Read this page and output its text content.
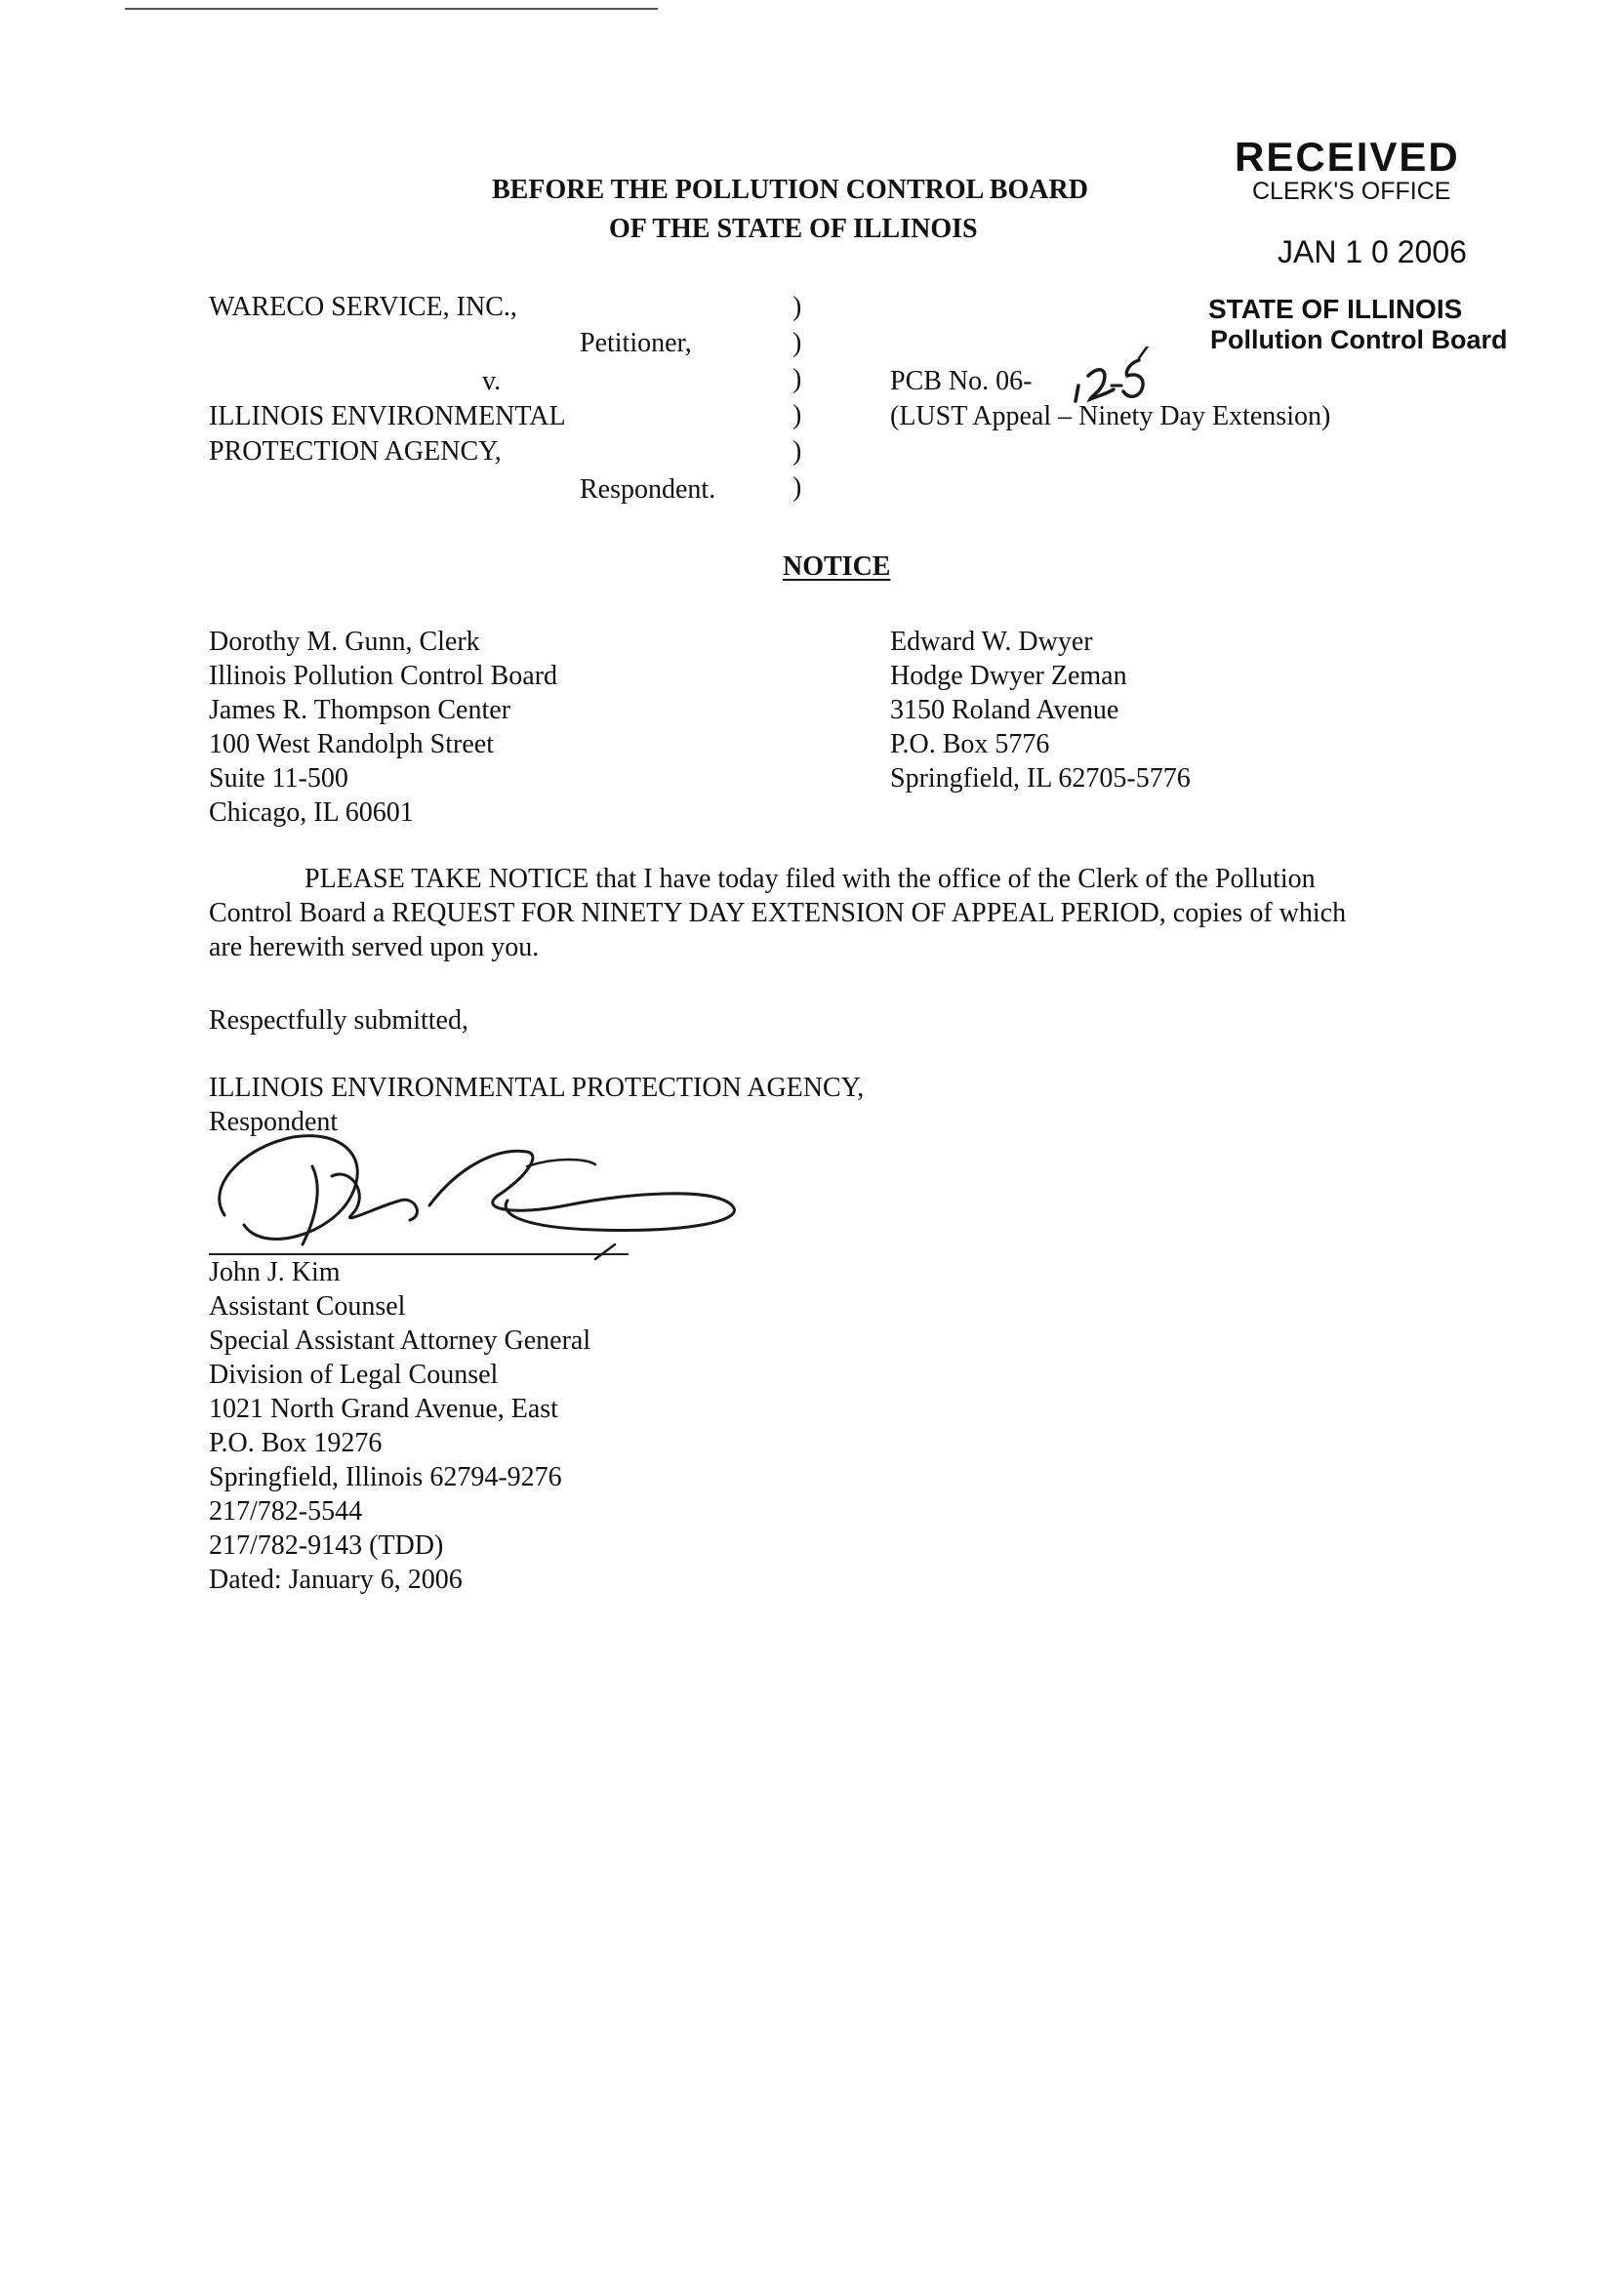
RECEIVED
CLERK'S OFFICE
JAN 1 0 2006
STATE OF ILLINOIS
Pollution Control Board
BEFORE THE POLLUTION CONTROL BOARD
OF THE STATE OF ILLINOIS
WARECO SERVICE, INC.,
Petitioner,
v.
ILLINOIS ENVIRONMENTAL
PROTECTION AGENCY,
Respondent.
)
)
)
)
)
)
PCB No. 06-
(LUST Appeal – Ninety Day Extension)
NOTICE
Dorothy M. Gunn, Clerk
Illinois Pollution Control Board
James R. Thompson Center
100 West Randolph Street
Suite 11-500
Chicago, IL 60601
Edward W. Dwyer
Hodge Dwyer Zeman
3150 Roland Avenue
P.O. Box 5776
Springfield, IL 62705-5776
PLEASE TAKE NOTICE that I have today filed with the office of the Clerk of the Pollution
Control Board a REQUEST FOR NINETY DAY EXTENSION OF APPEAL PERIOD, copies of which
are herewith served upon you.
Respectfully submitted,
ILLINOIS ENVIRONMENTAL PROTECTION AGENCY,
Respondent
John J. Kim
Assistant Counsel
Special Assistant Attorney General
Division of Legal Counsel
1021 North Grand Avenue, East
P.O. Box 19276
Springfield, Illinois 62794-9276
217/782-5544
217/782-9143 (TDD)
Dated: January 6, 2006
